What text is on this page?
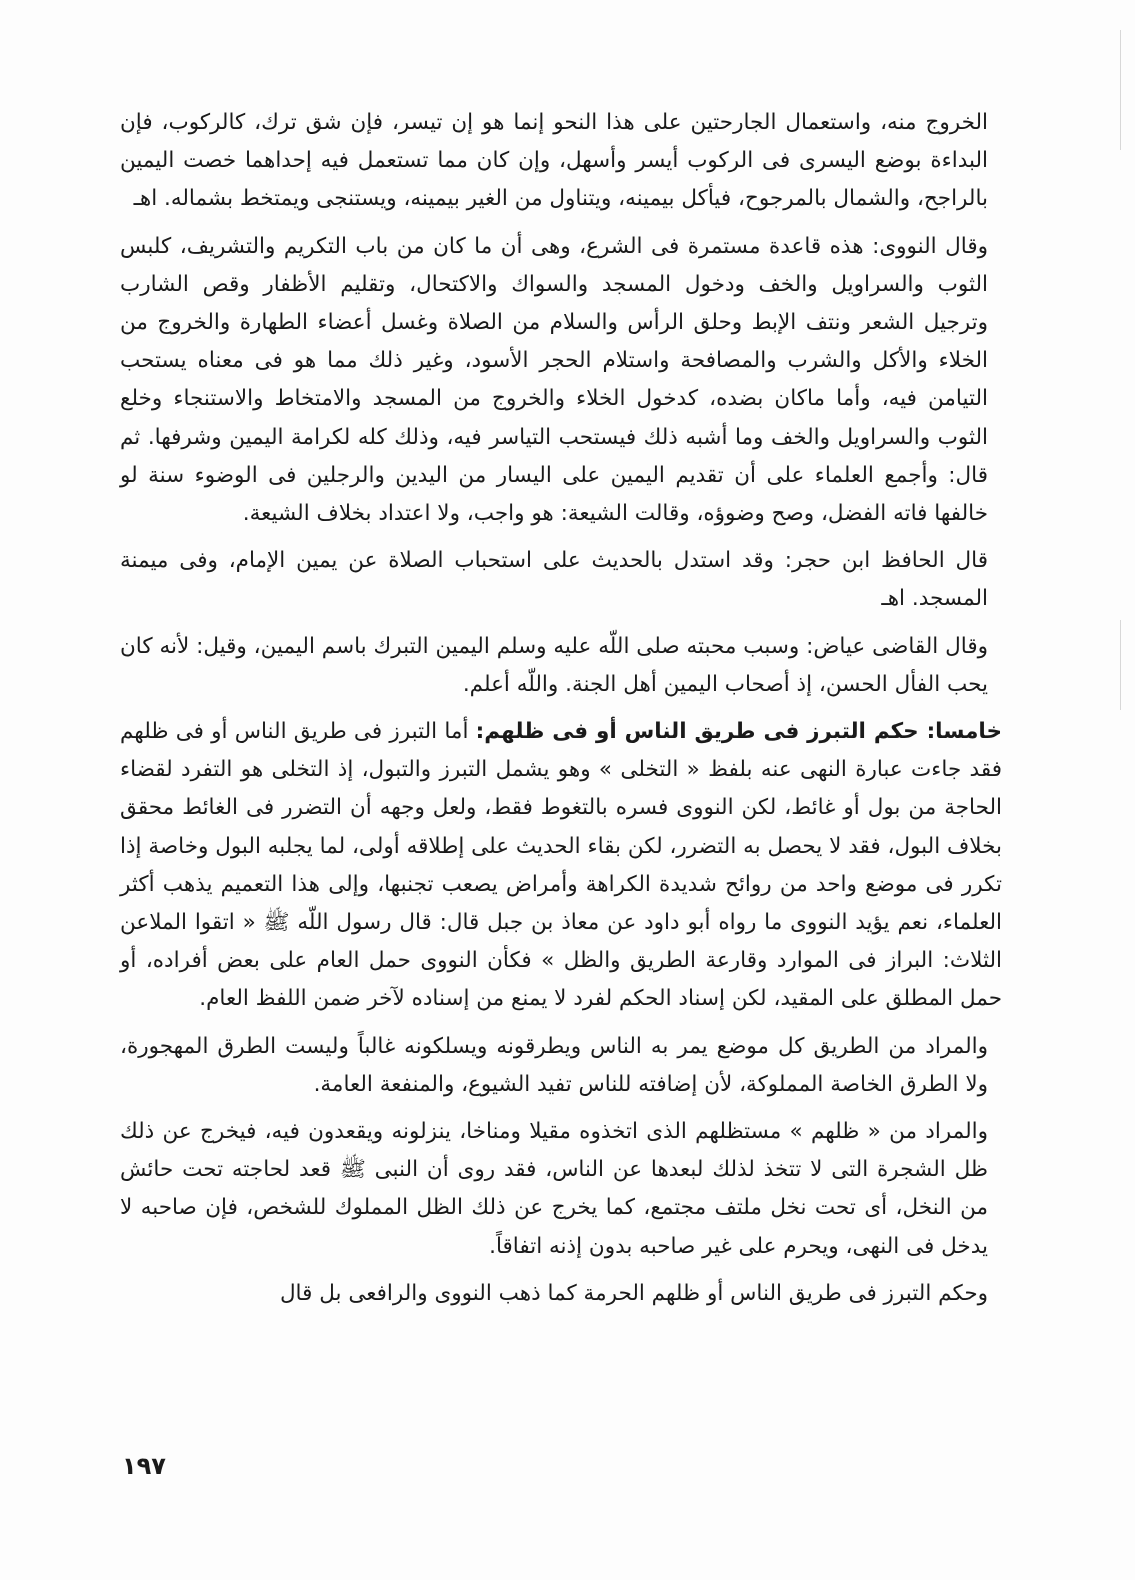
الخروج منه، واستعمال الجارحتين على هذا النحو إنما هو إن تيسر، فإن شق ترك، كالركوب، فإن البداءة بوضع اليسرى فى الركوب أيسر وأسهل، وإن كان مما تستعمل فيه إحداهما خصت اليمين بالراجح، والشمال بالمرجوح، فيأكل بيمينه، ويتناول من الغير بيمينه، ويستنجى ويمتخط بشماله. اهـ

وقال النووى: هذه قاعدة مستمرة فى الشرع، وهى أن ما كان من باب التكريم والتشريف، كلبس الثوب والسراويل والخف ودخول المسجد والسواك والاكتحال، وتقليم الأظفار وقص الشارب وترجيل الشعر ونتف الإبط وحلق الرأس والسلام من الصلاة وغسل أعضاء الطهارة والخروج من الخلاء والأكل والشرب والمصافحة واستلام الحجر الأسود، وغير ذلك مما هو فى معناه يستحب التيامن فيه، وأما ماكان بضده، كدخول الخلاء والخروج من المسجد والامتخاط والاستنجاء وخلع الثوب والسراويل والخف وما أشبه ذلك فيستحب التياسر فيه، وذلك كله لكرامة اليمين وشرفها. ثم قال: وأجمع العلماء على أن تقديم اليمين على اليسار من اليدين والرجلين فى الوضوء سنة لو خالفها فاته الفضل، وصح وضوؤه، وقالت الشيعة: هو واجب، ولا اعتداد بخلاف الشيعة.

قال الحافظ ابن حجر: وقد استدل بالحديث على استحباب الصلاة عن يمين الإمام، وفى ميمنة المسجد. اهـ

وقال القاضى عياض: وسبب محبته صلى اللّه عليه وسلم اليمين التبرك باسم اليمين، وقيل: لأنه كان يحب الفأل الحسن، إذ أصحاب اليمين أهل الجنة. واللّه أعلم.

خامسا: حكم التبرز فى طريق الناس أو فى ظلهم: أما التبرز فى طريق الناس أو فى ظلهم فقد جاءت عبارة النهى عنه بلفظ « التخلى » وهو يشمل التبرز والتبول، إذ التخلى هو التفرد لقضاء الحاجة من بول أو غائط، لكن النووى فسره بالتغوط فقط، ولعل وجهه أن التضرر فى الغائط محقق بخلاف البول، فقد لا يحصل به التضرر، لكن بقاء الحديث على إطلاقه أولى، لما يجلبه البول وخاصة إذا تكرر فى موضع واحد من روائح شديدة الكراهة وأمراض يصعب تجنبها، وإلى هذا التعميم يذهب أكثر العلماء، نعم يؤيد النووى ما رواه أبو داود عن معاذ بن جبل قال: قال رسول اللّه ﷺ « اتقوا الملاعن الثلاث: البراز فى الموارد وقارعة الطريق والظل » فكأن النووى حمل العام على بعض أفراده، أو حمل المطلق على المقيد، لكن إسناد الحكم لفرد لا يمنع من إسناده لآخر ضمن اللفظ العام.

والمراد من الطريق كل موضع يمر به الناس ويطرقونه ويسلكونه غالباً وليست الطرق المهجورة، ولا الطرق الخاصة المملوكة، لأن إضافته للناس تفيد الشيوع، والمنفعة العامة.

والمراد من « ظلهم » مستظلهم الذى اتخذوه مقيلا ومناخا، ينزلونه ويقعدون فيه، فيخرج عن ذلك ظل الشجرة التى لا تتخذ لذلك لبعدها عن الناس، فقد روى أن النبى ﷺ قعد لحاجته تحت حائش من النخل، أى تحت نخل ملتف مجتمع، كما يخرج عن ذلك الظل المملوك للشخص، فإن صاحبه لا يدخل فى النهى، ويحرم على غير صاحبه بدون إذنه اتفاقاً.

وحكم التبرز فى طريق الناس أو ظلهم الحرمة كما ذهب النووى والرافعى بل قال

١٩٧
